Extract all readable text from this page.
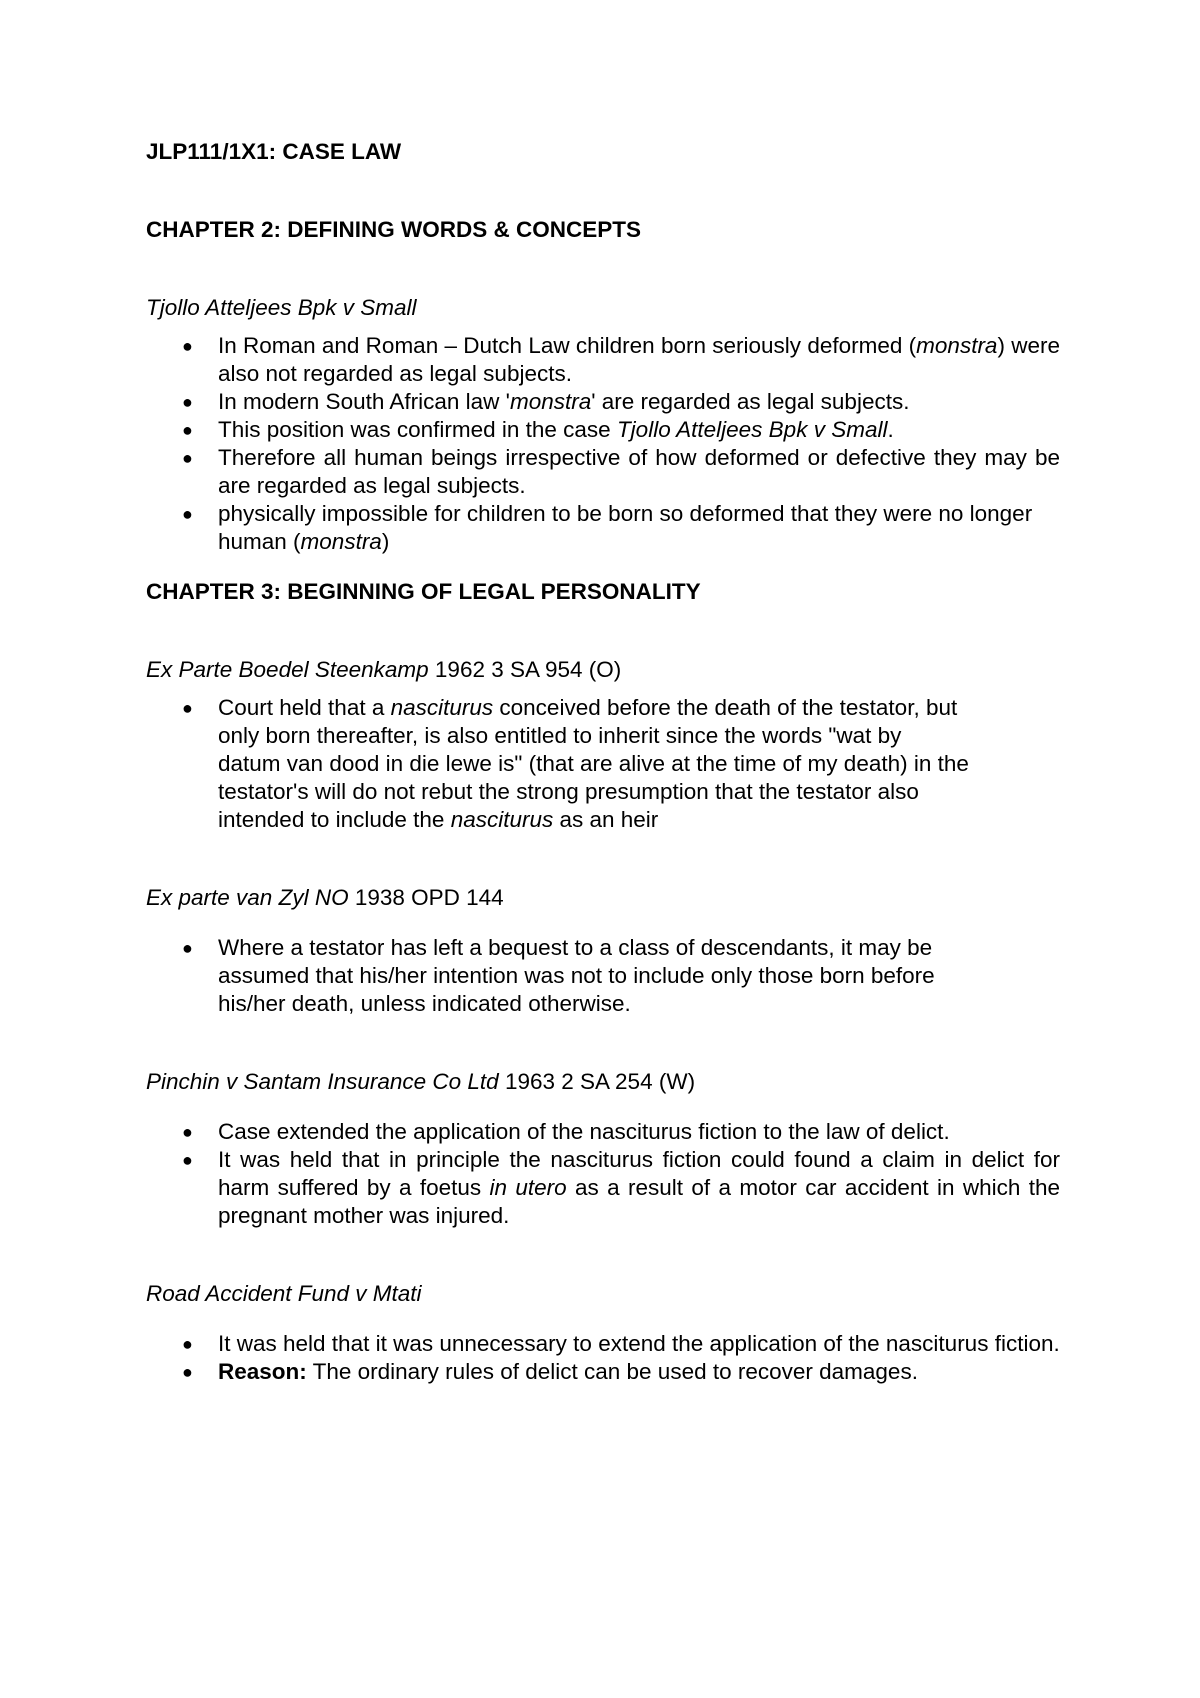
JLP111/1X1: CASE LAW

CHAPTER 2: DEFINING WORDS & CONCEPTS

Tjollo Atteljees Bpk v Small

● In Roman and Roman – Dutch Law children born seriously deformed (monstra) were also not regarded as legal subjects.
● In modern South African law 'monstra' are regarded as legal subjects.
● This position was confirmed in the case Tjollo Atteljees Bpk v Small.
● Therefore all human beings irrespective of how deformed or defective they may be are regarded as legal subjects.
● physically impossible for children to be born so deformed that they were no longer human (monstra)

CHAPTER 3: BEGINNING OF LEGAL PERSONALITY

Ex Parte Boedel Steenkamp 1962 3 SA 954 (O)

● Court held that a nasciturus conceived before the death of the testator, but only born thereafter, is also entitled to inherit since the words "wat by datum van dood in die lewe is" (that are alive at the time of my death) in the testator's will do not rebut the strong presumption that the testator also intended to include the nasciturus as an heir

Ex parte van Zyl NO 1938 OPD 144

● Where a testator has left a bequest to a class of descendants, it may be assumed that his/her intention was not to include only those born before his/her death, unless indicated otherwise.

Pinchin v Santam Insurance Co Ltd 1963 2 SA 254 (W)

● Case extended the application of the nasciturus fiction to the law of delict.
● It was held that in principle the nasciturus fiction could found a claim in delict for harm suffered by a foetus in utero as a result of a motor car accident in which the pregnant mother was injured.

Road Accident Fund v Mtati

● It was held that it was unnecessary to extend the application of the nasciturus fiction.
● Reason: The ordinary rules of delict can be used to recover damages.
